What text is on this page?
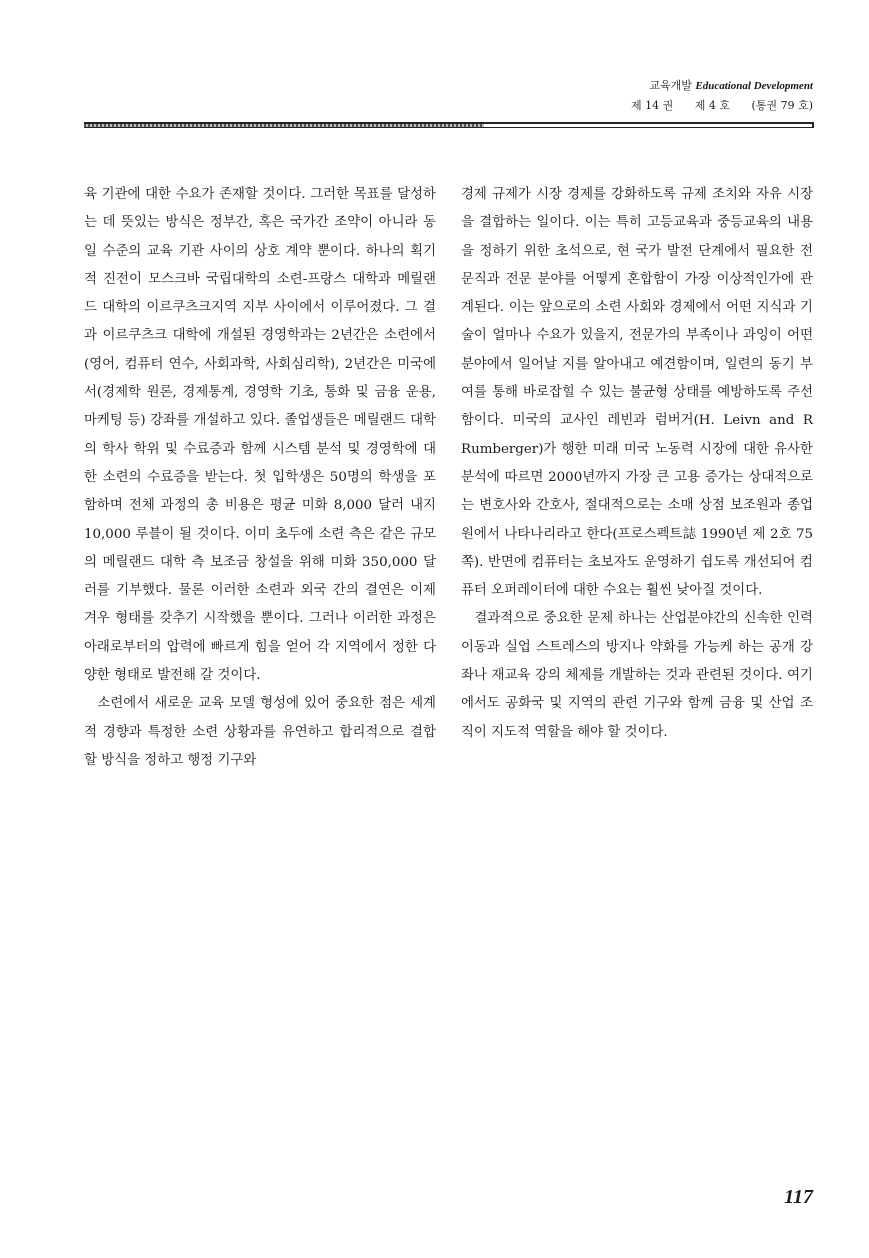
교육개발 Educational Development
제 14 권 제 4 호 (통권 79 호)

육 기관에 대한 수요가 존재할 것이다. 그러한 목표를 달성하는 데 뜻있는 방식은 정부간, 혹은 국가간 조약이 아니라 동일 수준의 교육 기관 사이의 상호 계약 뿐이다. 하나의 획기적 진전이 모스크바 국립대학의 소련-프랑스 대학과 메릴랜드 대학의 이르쿠츠크지역 지부 사이에서 이루어졌다. 그 결과 이르쿠츠크 대학에 개설된 경영학과는 2년간은 소련에서(영어, 컴퓨터 연수, 사회과학, 사회심리학), 2년간은 미국에서(경제학 원론, 경제통계, 경영학 기초, 통화 및 금융 운용, 마케팅 등) 강좌를 개설하고 있다. 졸업생들은 메릴랜드 대학의 학사 학위 및 수료증과 함께 시스템 분석 및 경영학에 대한 소련의 수료증을 받는다. 첫 입학생은 50명의 학생을 포함하며 전체 과정의 총 비용은 평균 미화 8,000 달러 내지 10,000 루블이 될 것이다. 이미 초두에 소련 측은 같은 규모의 메릴랜드 대학 측 보조금 창설을 위해 미화 350,000 달러를 기부했다. 물론 이러한 소련과 외국 간의 결연은 이제 겨우 형태를 갖추기 시작했을 뿐이다. 그러나 이러한 과정은 아래로부터의 압력에 빠르게 힘을 얻어 각 지역에서 정한 다양한 형태로 발전해 갈 것이다.

소련에서 새로운 교육 모델 형성에 있어 중요한 점은 세계적 경향과 특정한 소련 상황과를 유연하고 합리적으로 결합할 방식을 정하고 행정 기구와

경제 규제가 시장 경제를 강화하도록 규제 조치와 자유 시장을 결합하는 일이다. 이는 특히 고등교육과 중등교육의 내용을 정하기 위한 초석으로, 현 국가 발전 단계에서 필요한 전문직과 전문 분야를 어떻게 혼합함이 가장 이상적인가에 관계된다. 이는 앞으로의 소련 사회와 경제에서 어떤 지식과 기술이 얼마나 수요가 있을지, 전문가의 부족이나 과잉이 어떤 분야에서 일어날 지를 알아내고 예견함이며, 일련의 동기 부여를 통해 바로잡힐 수 있는 불균형 상태를 예방하도록 주선함이다. 미국의 교사인 레빈과 럼버거(H. Leivn and R Rumberger)가 행한 미래 미국 노동력 시장에 대한 유사한 분석에 따르면 2000년까지 가장 큰 고용 증가는 상대적으로는 변호사와 간호사, 절대적으로는 소매 상점 보조원과 종업원에서 나타나리라고 한다(프로스펙트誌 1990년 제 2호 75쪽). 반면에 컴퓨터는 초보자도 운영하기 쉽도록 개선되어 컴퓨터 오퍼레이터에 대한 수요는 훨씬 낮아질 것이다.

결과적으로 중요한 문제 하나는 산업분야간의 신속한 인력 이동과 실업 스트레스의 방지나 약화를 가능케 하는 공개 강좌나 재교육 강의 체제를 개발하는 것과 관련된 것이다. 여기에서도 공화국 및 지역의 관련 기구와 함께 금융 및 산업 조직이 지도적 역할을 해야 할 것이다.

117
